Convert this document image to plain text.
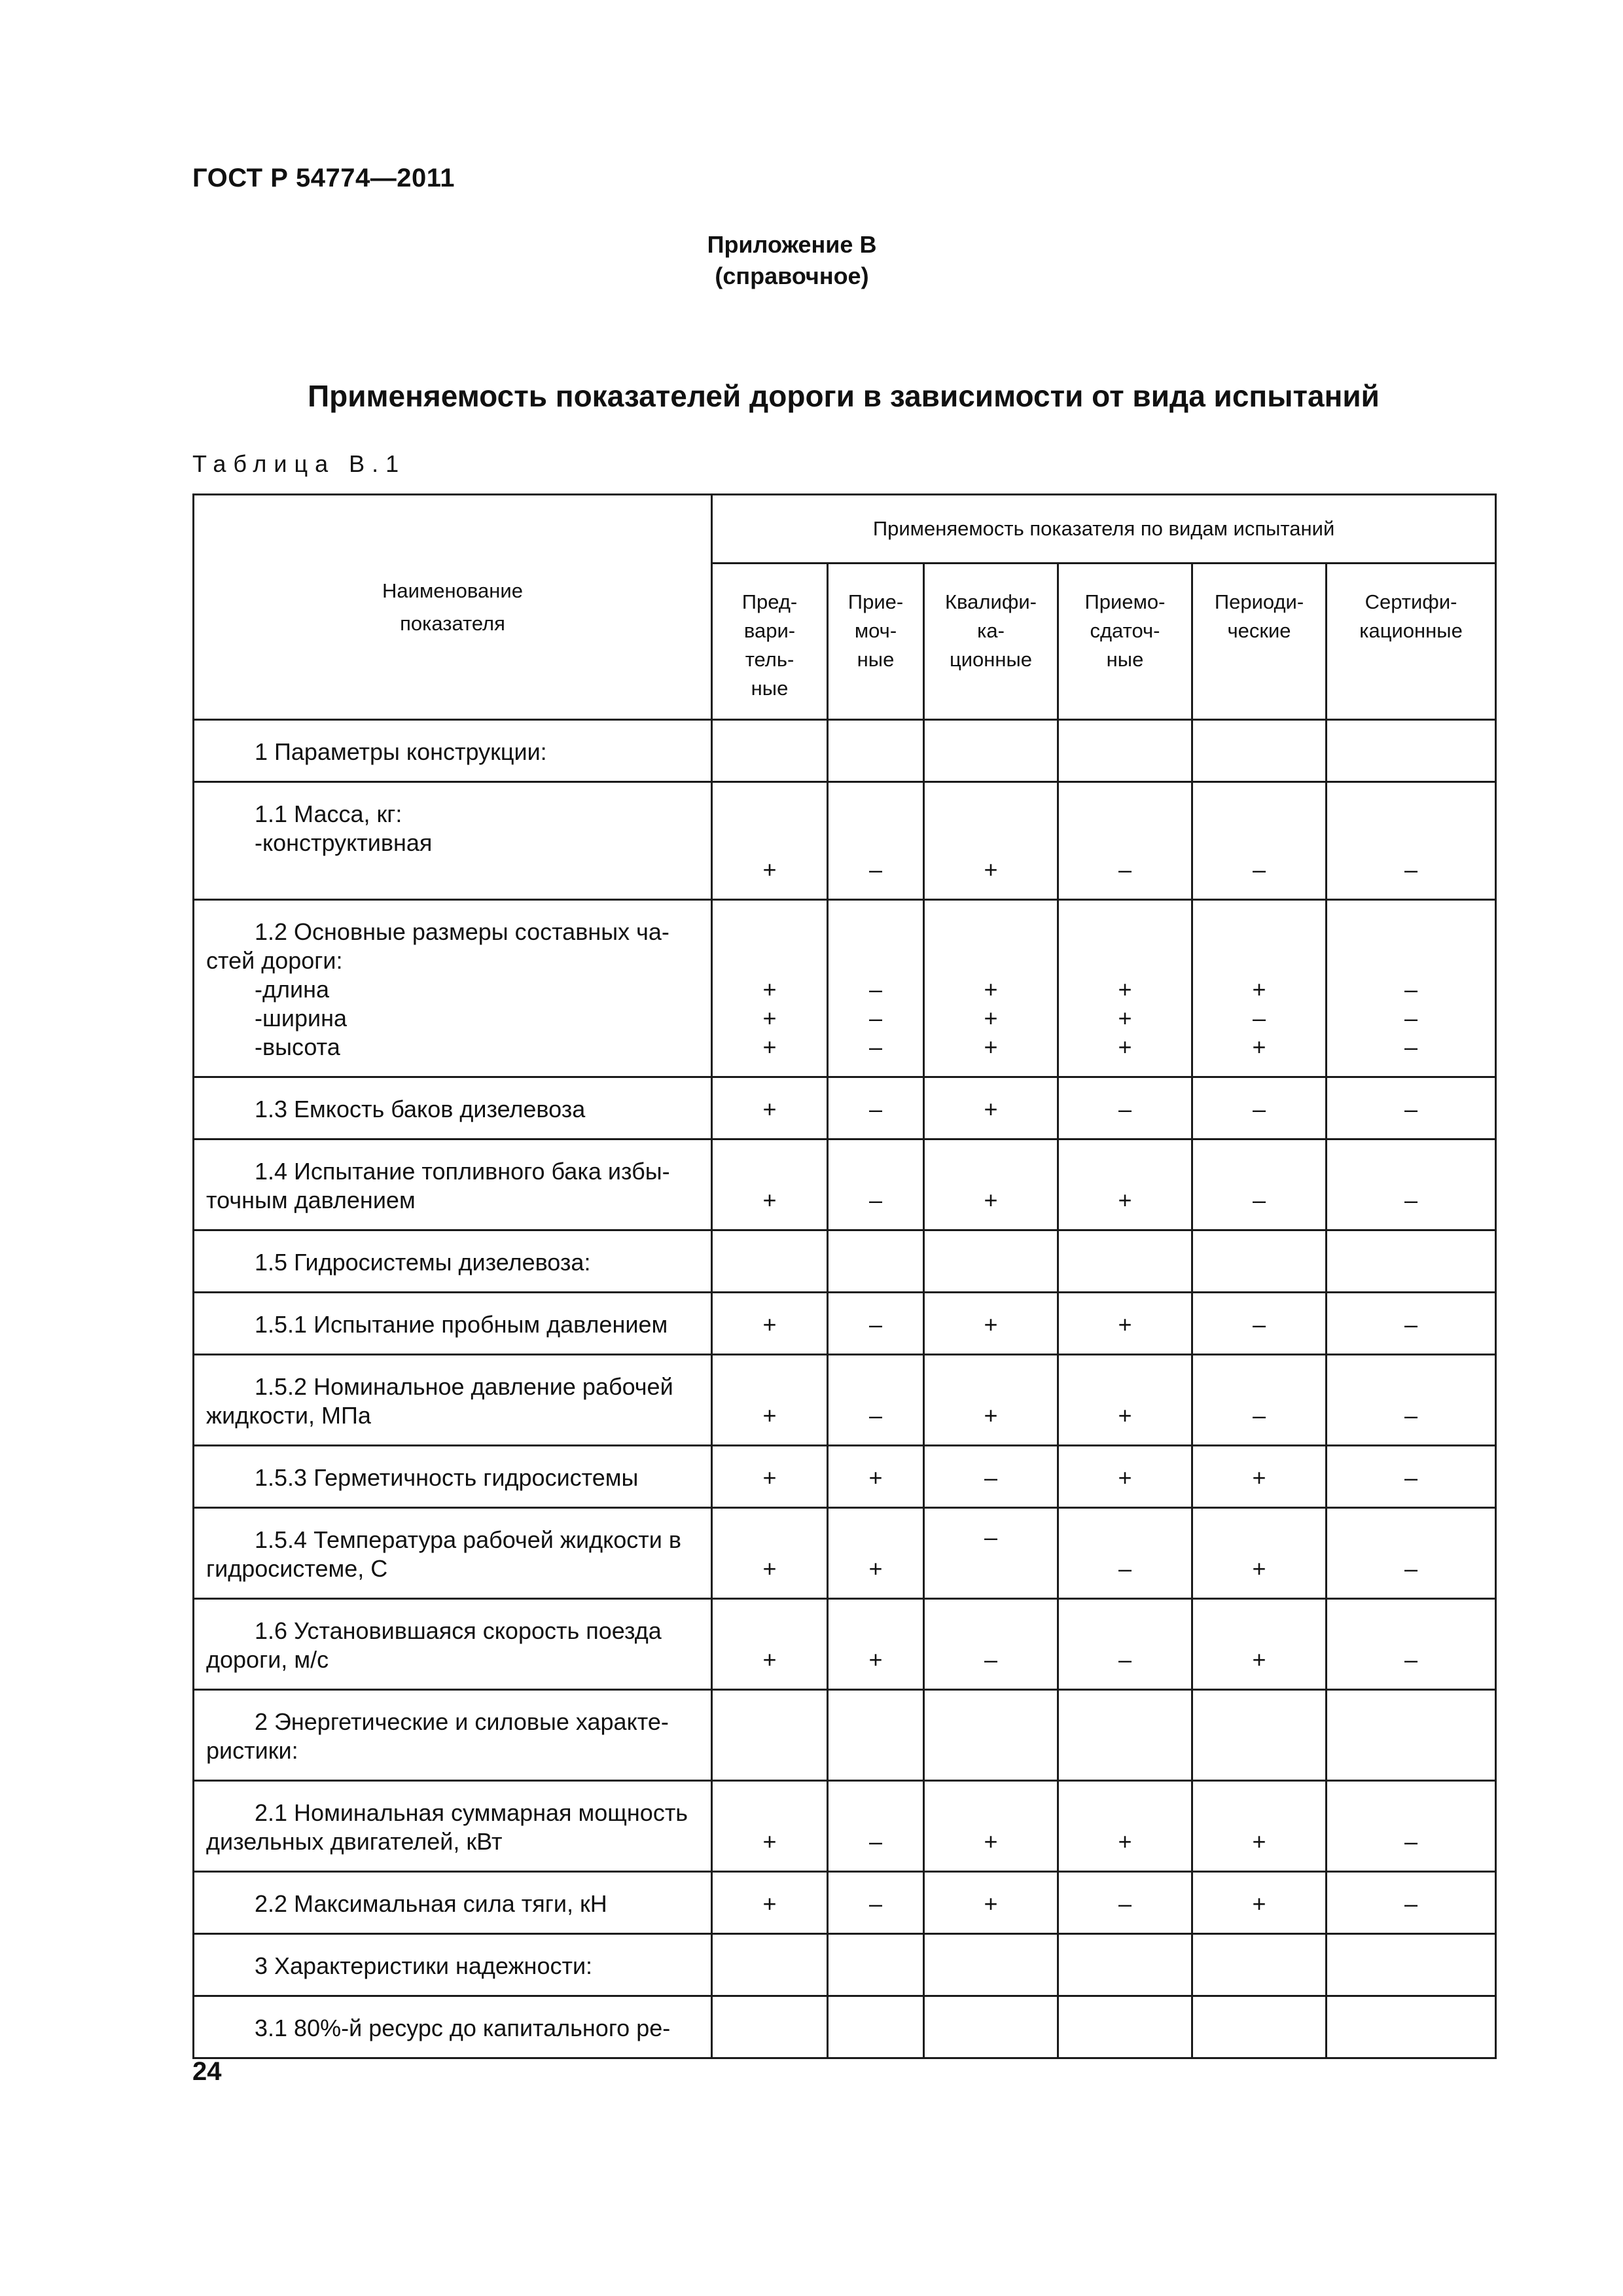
ГОСТ Р 54774—2011
Приложение В
(справочное)
Применяемость показателей дороги в зависимости от вида испытаний
Таблица В.1
Наименование
показателя	Применяемость показателя по видам испытаний					

	Пред-
вари-
тель-
ные	Прие-
моч-
ные	Квалифи-
ка-
ционные	Приемо-
сдаточ-
ные	Периоди-
ческие	Сертифи-
кационные

1 Параметры конструкции:						

1.1 Масса, кг:
-конструктивная	+	–	+	–	–	–

1.2 Основные размеры составных ча-
стей дороги:
-длина
-ширина
-высота	+
+
+	–
–
–	+
+
+	+
+
+	+
–
+	–
–
–

1.3 Емкость баков дизелевоза	+	–	+	–	–	–

1.4 Испытание топливного бака избы-
точным давлением	+	–	+	+	–	–

1.5 Гидросистемы дизелевоза:						

1.5.1 Испытание пробным давлением	+	–	+	+	–	–

1.5.2 Номинальное давление рабочей
жидкости, МПа	+	–	+	+	–	–

1.5.3 Герметичность гидросистемы	+	+	–	+	+	–

1.5.4 Температура рабочей жидкости в
гидросистеме, С	+	+	–	–	+	–

1.6 Установившаяся скорость поезда
дороги, м/с	+	+	–	–	+	–

2 Энергетические и силовые характе-
ристики:						

2.1 Номинальная суммарная мощность
дизельных двигателей, кВт	+	–	+	+	+	–

2.2 Максимальная сила тяги, кН	+	–	+	–	+	–

3 Характеристики надежности:						

3.1 80%-й ресурс до капитального ре-						

24
